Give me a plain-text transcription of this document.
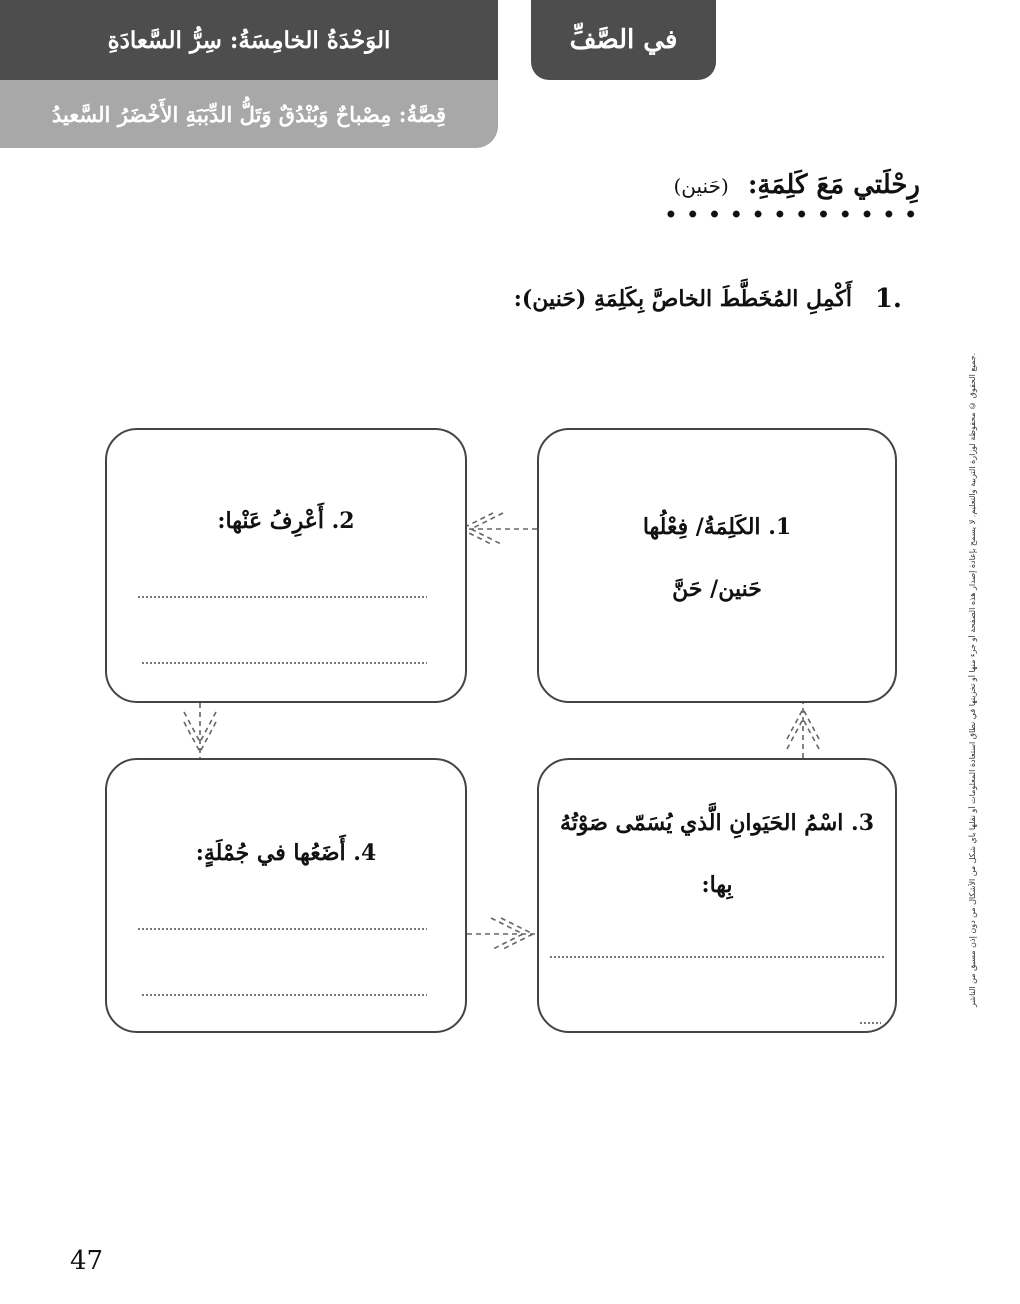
الوَحْدَةُ الخامِسَةُ: سِرُّ السَّعادَةِ
قِصَّةُ: مِصْباحٌ وَبُنْدُقٌ وَتَلُّ الدِّبَبَةِ الأَخْضَرُ السَّعيدُ
في الصَّفِّ
رِحْلَتي مَعَ كَلِمَةِ: (حَنين)
1.
أَكْمِلِ المُخَطَّطَ الخاصَّ بِكَلِمَةِ (حَنين):
1. الكَلِمَةُ/ فِعْلُها
حَنين/ حَنَّ
2. أَعْرِفُ عَنْها:
3. اسْمُ الحَيَوانِ الَّذي يُسَمّى صَوْتُهُ
بِها:
4. أَضَعُها في جُمْلَةٍ:	جميع الحقوق © محفوظة لوزارة التربية والتعليم. لا يسمح بإعادة إصدار هذه الصفحة أو جزء منها أو تخزينها في نطاق استعادة المعلومات أو نقلها بأي شكل من الأشكال من دون إذن مسبق من الناشر.
47
